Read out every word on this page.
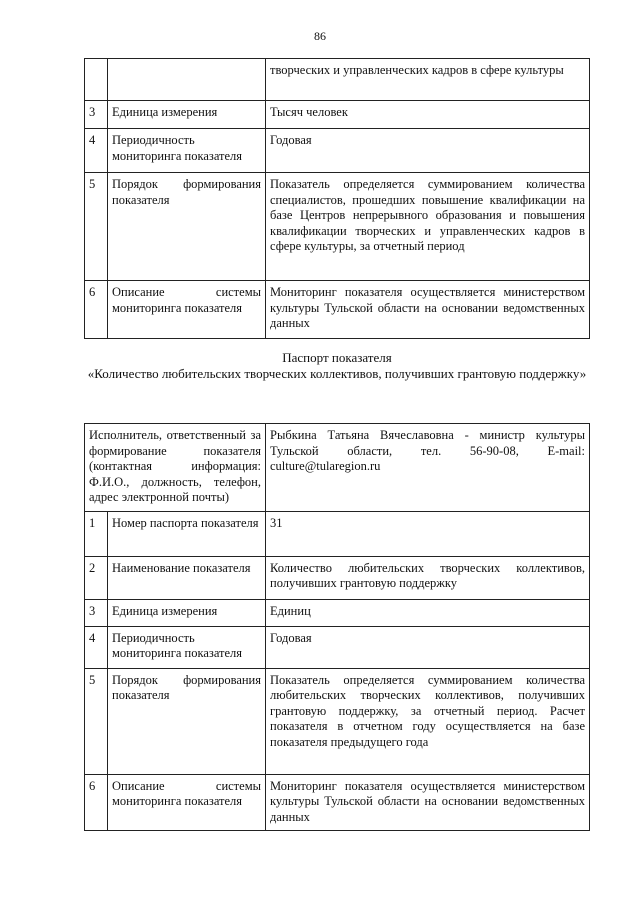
86
		творческих и управленческих кадров в сфере культуры
3	Единица измерения	Тысяч человек
4	Периодичность мониторинга показателя	Годовая
5	Порядок формирования показателя	Показатель определяется суммированием количества специалистов, прошедших повышение квалификации на базе Центров непрерывного образования и повышения квалификации творческих и управленческих кадров в сфере культуры, за отчетный период
6	Описание системы мониторинга показателя	Мониторинг показателя осуществляется министерством культуры Тульской области на основании ведомственных данных
Паспорт показателя
«Количество любительских творческих коллективов, получивших грантовую поддержку»
Исполнитель, ответственный за формирование показателя (контактная информация: Ф.И.О., должность, телефон, адрес электронной почты)		Рыбкина Татьяна Вячеславовна - министр культуры Тульской области, тел. 56-90-08, E-mail: culture@tularegion.ru
1	Номер паспорта показателя	31
2	Наименование показателя	Количество любительских творческих коллективов, получивших грантовую поддержку
3	Единица измерения	Единиц
4	Периодичность мониторинга показателя	Годовая
5	Порядок формирования показателя	Показатель определяется суммированием количества любительских творческих коллективов, получивших грантовую поддержку, за отчетный период. Расчет показателя в отчетном году осуществляется на базе показателя предыдущего года
6	Описание системы мониторинга показателя	Мониторинг показателя осуществляется министерством культуры Тульской области на основании ведомственных данных
